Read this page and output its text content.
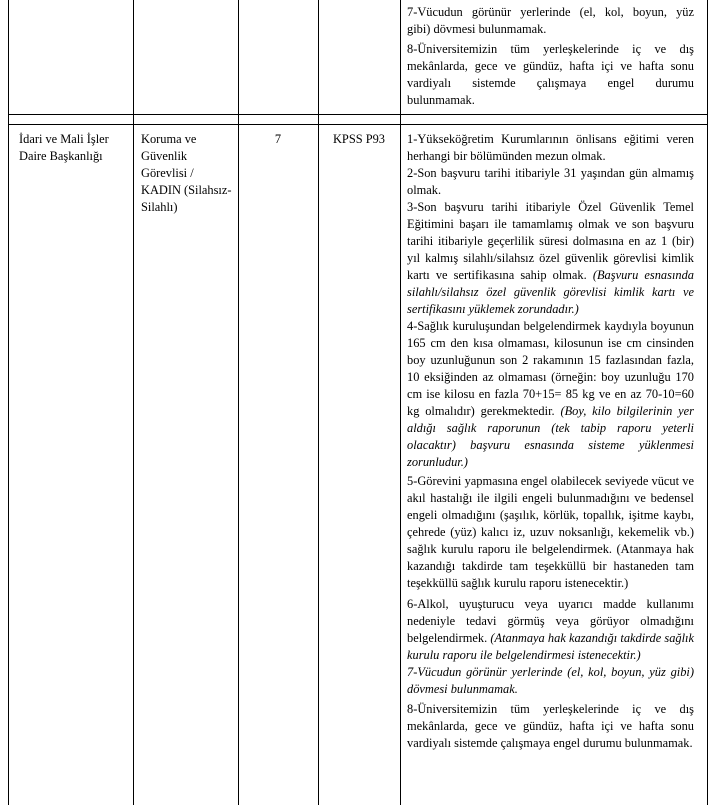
7-Vücudun  görünür  yerlerinde  (el,  kol,  boyun,  yüz
gibi) dövmesi bulunmamak.
8-Üniversitemizin  tüm  yerleşkelerinde  iç  ve  dış
mekânlarda, gece ve gündüz, hafta içi ve hafta sonu
vardiyalı   sistemde   çalışmaya   engel   durumu
bulunmamak.
İdari ve Mali İşler Daire Başkanlığı
Koruma ve Güvenlik Görevlisi / KADIN (Silahsız-Silahlı)
7	KPSS P93	1-Yükseköğretim Kurumlarının önlisans eğitimi veren herhangi bir bölümünden mezun olmak.

2-Son başvuru tarihi itibariyle 31 yaşından gün almamış olmak.

3-Son başvuru tarihi itibariyle Özel Güvenlik Temel Eğitimini başarı ile tamamlamış olmak ve son başvuru tarihi itibariyle geçerlilik süresi dolmasına en az 1 (bir) yıl kalmış silahlı/silahsız özel güvenlik görevlisi kimlik kartı ve sertifikasına sahip olmak. (Başvuru esnasında silahlı/silahsız özel güvenlik görevlisi kimlik kartı ve sertifikasını yüklemek zorundadır.)

4-Sağlık kuruluşundan belgelendirmek kaydıyla boyunun 165 cm den kısa olmaması, kilosunun ise cm cinsinden boy uzunluğunun son 2 rakamının 15 fazlasından fazla, 10 eksiğinden az olmaması (örneğin: boy uzunluğu 170 cm ise kilosu en fazla 70+15= 85 kg ve en az 70-10=60 kg olmalıdır) gerekmektedir. (Boy, kilo bilgilerinin yer aldığı sağlık raporunun (tek tabip raporu yeterli olacaktır) başvuru esnasında sisteme yüklenmesi zorunludur.)

5-Görevini yapmasına engel olabilecek seviyede vücut ve akıl hastalığı ile ilgili engeli bulunmadığını ve bedensel engeli olmadığını (şaşılık, körlük, topallık, işitme kaybı, çehrede (yüz) kalıcı iz, uzuv noksanlığı, kekemelik vb.) sağlık kurulu raporu ile belgelendirmek. (Atanmaya hak kazandığı takdirde tam teşekküllü bir hastaneden tam teşekküllü sağlık kurulu raporu istenecektir.)

6-Alkol, uyuşturucu veya uyarıcı madde kullanımı nedeniyle tedavi görmüş veya görüyor olmadığını belgelendirmek. (Atanmaya hak kazandığı takdirde sağlık kurulu raporu ile belgelendirmesi istenecektir.)

7-Vücudun görünür yerlerinde (el, kol, boyun, yüz gibi) dövmesi bulunmamak.

8-Üniversitemizin tüm yerleşkelerinde iç ve dış mekânlarda, gece ve gündüz, hafta içi ve hafta sonu vardiyalı sistemde çalışmaya engel durumu bulunmamak.
